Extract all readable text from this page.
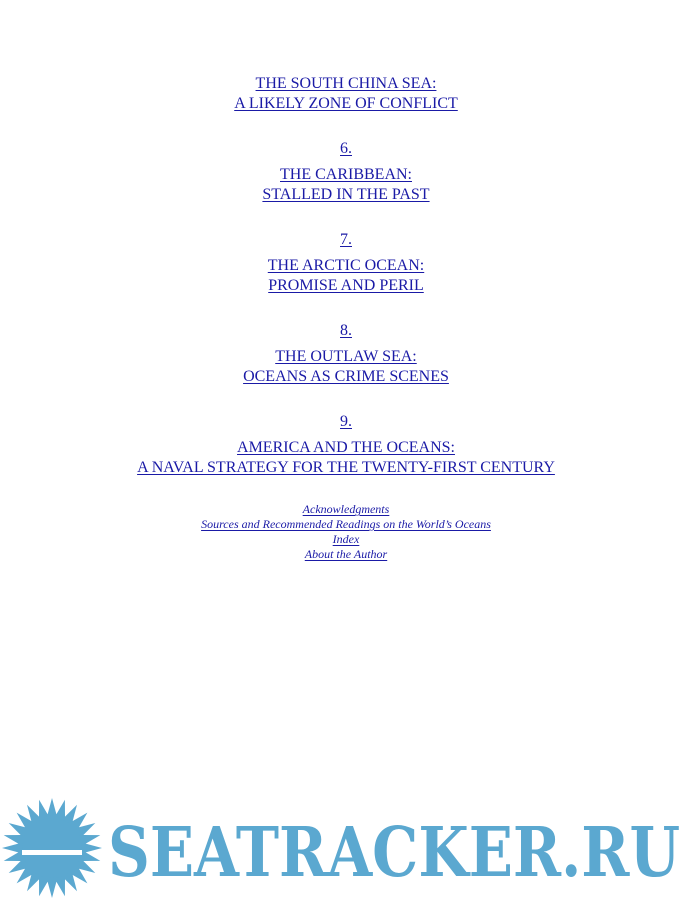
THE SOUTH CHINA SEA:
A LIKELY ZONE OF CONFLICT
6.
THE CARIBBEAN:
STALLED IN THE PAST
7.
THE ARCTIC OCEAN:
PROMISE AND PERIL
8.
THE OUTLAW SEA:
OCEANS AS CRIME SCENES
9.
AMERICA AND THE OCEANS:
A NAVAL STRATEGY FOR THE TWENTY-FIRST CENTURY
Acknowledgments
Sources and Recommended Readings on the World’s Oceans
Index
About the Author
SEATRACKER.RU
